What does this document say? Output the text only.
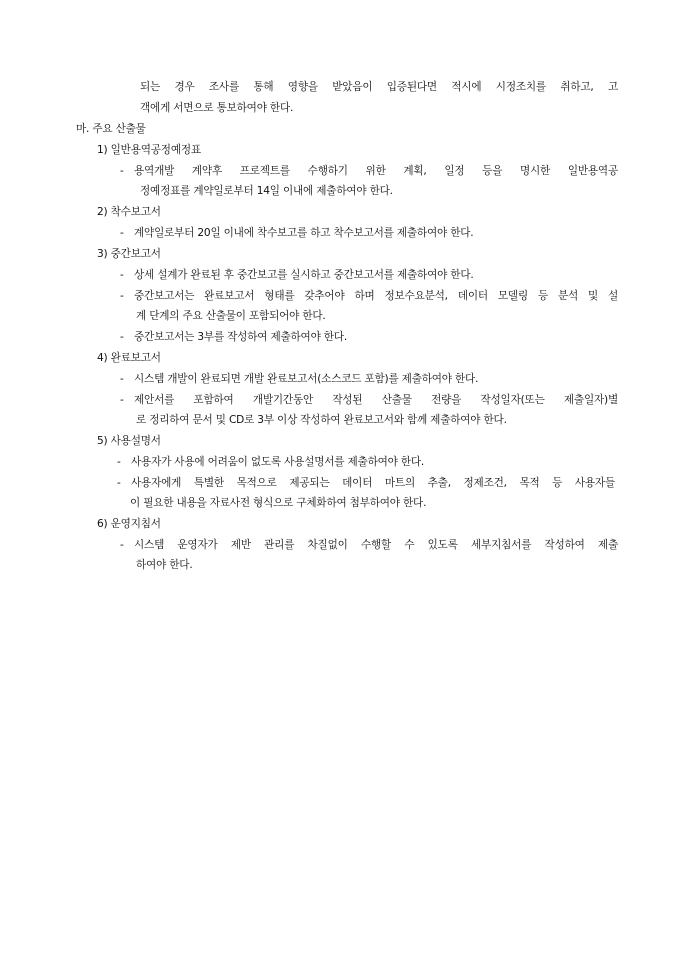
되는 경우 조사를 통해 영향을 받았음이 입증된다면 적시에 시정조치를 취하고, 고
객에게 서면으로 통보하여야 한다.
마. 주요 산출물
1) 일반용역공정예정표
- 용역개발 계약후 프로젝트를 수행하기 위한 계획, 일정 등을 명시한 일반용역공
정예정표를 계약일로부터 14일 이내에 제출하여야 한다.
2) 착수보고서
- 계약일로부터 20일 이내에 착수보고를 하고 착수보고서를 제출하여야 한다.
3) 중간보고서
- 상세 설계가 완료된 후 중간보고를 실시하고 중간보고서를 제출하여야 한다.
- 중간보고서는 완료보고서 형태를 갖추어야 하며 정보수요분석, 데이터 모델링 등 분석 및 설
계 단계의 주요 산출물이 포함되어야 한다.
- 중간보고서는 3부를 작성하여 제출하여야 한다.
4) 완료보고서
- 시스템 개발이 완료되면 개발 완료보고서(소스코드 포함)를 제출하여야 한다.
- 제안서를 포함하여 개발기간동안 작성된 산출물 전량을 작성일자(또는 제출일자)별
로 정리하여 문서 및 CD로 3부 이상 작성하여 완료보고서와 함께 제출하여야 한다.
5) 사용설명서
- 사용자가 사용에 어려움이 없도록 사용설명서를 제출하여야 한다.
- 사용자에게 특별한 목적으로 제공되는 데이터 마트의 추출, 정제조건, 목적 등 사용자들
이 필요한 내용을 자료사전 형식으로 구체화하여 첨부하여야 한다.
6) 운영지침서
- 시스템 운영자가 제반 관리를 차질없이 수행할 수 있도록 세부지침서를 작성하여 제출
하여야 한다.
